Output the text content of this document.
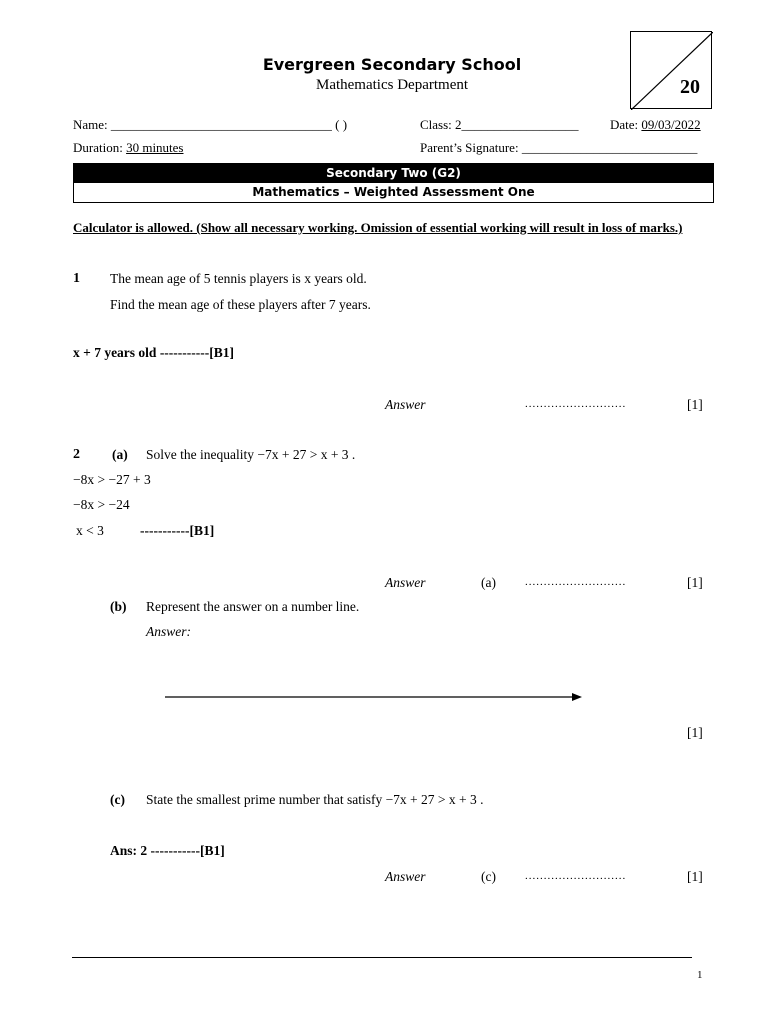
Evergreen Secondary School
Mathematics Department	20
Name: __________________________________ ( )	Class: 2__________________ Date: 09/03/2022
Duration: 30 minutes	Parent’s Signature: ___________________________
Secondary Two (G2)
Mathematics – Weighted Assessment One
Calculator is allowed. (Show all necessary working. Omission of essential working will result in loss of marks.)
1 The mean age of 5 tennis players is x years old.
Find the mean age of these players after 7 years.
x + 7 years old -----------[B1]
Answer	...........................	[1]
2 (a) Solve the inequality −7x + 27 > x + 3 .
−8x > −27 + 3
−8x > −24
x < 3	-----------[B1]
Answer	(a)	...........................	[1]
(b) Represent the answer on a number line.
Answer:
[1]
(c) State the smallest prime number that satisfy −7x + 27 > x + 3 .
Ans: 2 -----------[B1]
Answer	(c)	...........................	[1]
1
